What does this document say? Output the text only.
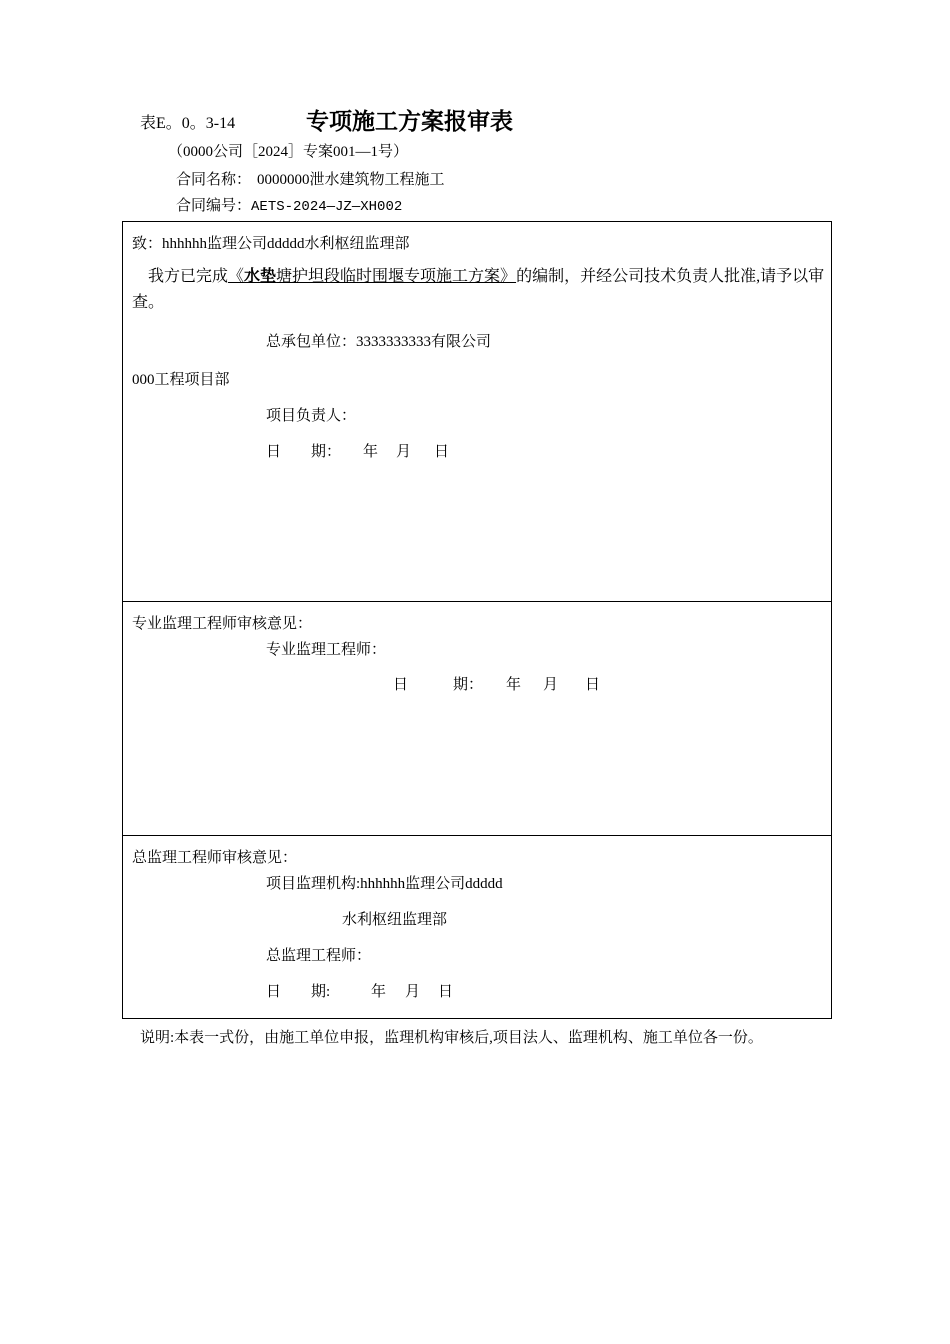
表E。0。3-14	专项施工方案报审表
（0000公司［2024］专案001—1号）
合同名称： 0000000泄水建筑物工程施工
合同编号：AETS-2024—JZ—XH002
致：hhhhhh监理公司ddddd水利枢纽监理部
我方已完成《水垫塘护坦段临时围堰专项施工方案》的编制，并经公司技术负责人批准,请予以审查。
总承包单位：3333333333有限公司
000工程项目部
项目负责人：
日　　期： 年 月 日
专业监理工程师审核意见：
专业监理工程师：
日　　　期： 年 月 日
总监理工程师审核意见：
项目监理机构:hhhhhh监理公司ddddd
水利枢纽监理部
总监理工程师：
日　　期:	年 月 日
说明:本表一式份，由施工单位申报，监理机构审核后,项目法人、监理机构、施工单位各一份。
